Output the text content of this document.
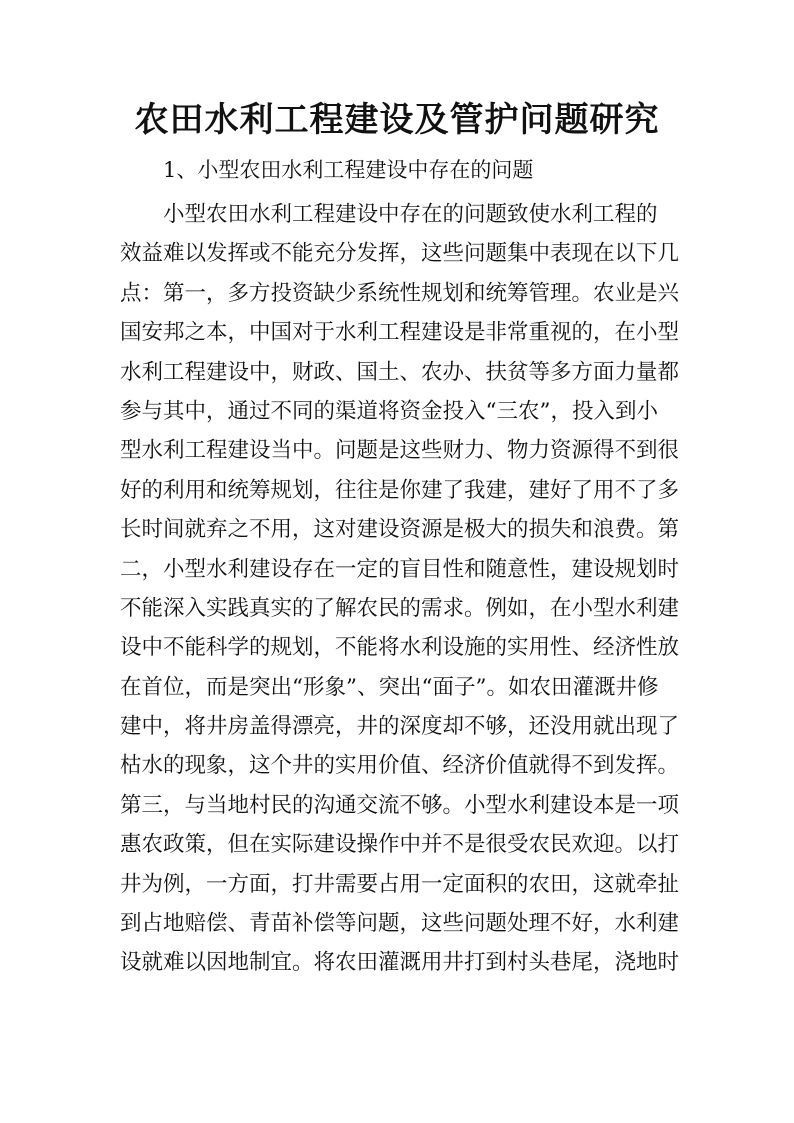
农田水利工程建设及管护问题研究
1、小型农田水利工程建设中存在的问题
小型农田水利工程建设中存在的问题致使水利工程的
效益难以发挥或不能充分发挥，这些问题集中表现在以下几
点：第一，多方投资缺少系统性规划和统筹管理。农业是兴
国安邦之本，中国对于水利工程建设是非常重视的，在小型
水利工程建设中，财政、国土、农办、扶贫等多方面力量都
参与其中，通过不同的渠道将资金投入“三农”，投入到小
型水利工程建设当中。问题是这些财力、物力资源得不到很
好的利用和统筹规划，往往是你建了我建，建好了用不了多
长时间就弃之不用，这对建设资源是极大的损失和浪费。第
二，小型水利建设存在一定的盲目性和随意性，建设规划时
不能深入实践真实的了解农民的需求。例如，在小型水利建
设中不能科学的规划，不能将水利设施的实用性、经济性放
在首位，而是突出“形象”、突出“面子”。如农田灌溉井修
建中，将井房盖得漂亮，井的深度却不够，还没用就出现了
枯水的现象，这个井的实用价值、经济价值就得不到发挥。
第三，与当地村民的沟通交流不够。小型水利建设本是一项
惠农政策，但在实际建设操作中并不是很受农民欢迎。以打
井为例，一方面，打井需要占用一定面积的农田，这就牵扯
到占地赔偿、青苗补偿等问题，这些问题处理不好，水利建
设就难以因地制宜。将农田灌溉用井打到村头巷尾，浇地时
